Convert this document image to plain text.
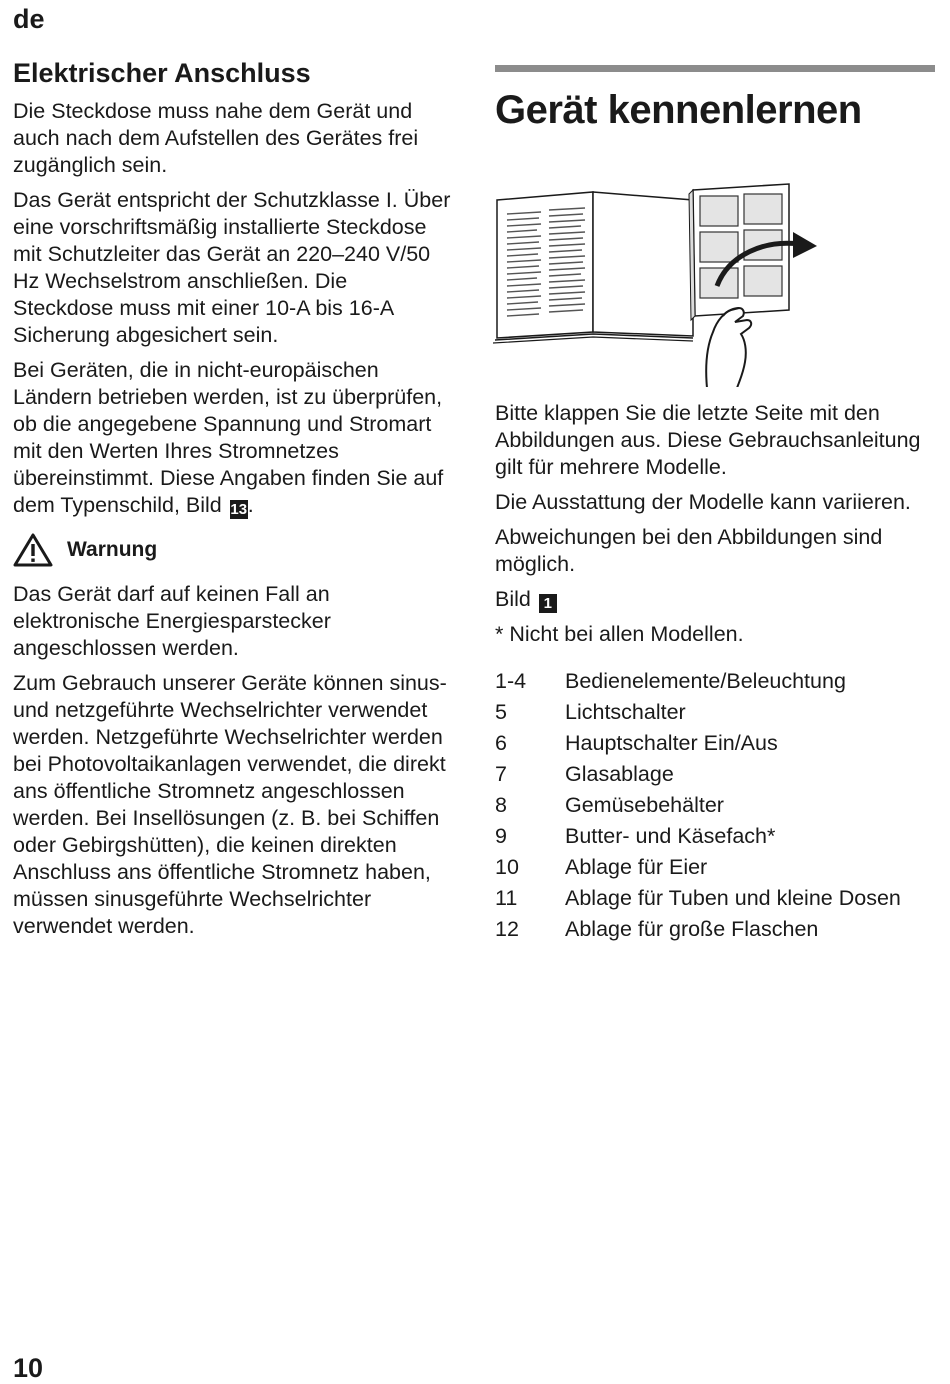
de
Elektrischer Anschluss

Die Steckdose muss nahe dem Gerät und auch nach dem Aufstellen des Gerätes frei zugänglich sein.

Das Gerät entspricht der Schutzklasse I. Über eine vorschriftsmäßig installierte Steckdose mit Schutzleiter das Gerät an 220–240 V/50 Hz Wechselstrom anschließen. Die Steckdose muss mit einer 10-A bis 16-A Sicherung abgesichert sein.

Bei Geräten, die in nicht-europäischen Ländern betrieben werden, ist zu überprüfen, ob die angegebene Spannung und Stromart mit den Werten Ihres Stromnetzes übereinstimmt. Diese Angaben finden Sie auf dem Typenschild, Bild 13.

Warnung

Das Gerät darf auf keinen Fall an elektronische Energiesparstecker angeschlossen werden.

Zum Gebrauch unserer Geräte können sinus- und netzgeführte Wechselrichter verwendet werden. Netzgeführte Wechselrichter werden bei Photovoltaikanlagen verwendet, die direkt ans öffentliche Stromnetz angeschlossen werden. Bei Insellösungen (z. B. bei Schiffen oder Gebirgshütten), die keinen direkten Anschluss ans öffentliche Stromnetz haben, müssen sinusgeführte Wechselrichter verwendet werden.

Gerät kennenlernen

Bitte klappen Sie die letzte Seite mit den Abbildungen aus. Diese Gebrauchsanleitung gilt für mehrere Modelle.

Die Ausstattung der Modelle kann variieren.

Abweichungen bei den Abbildungen sind möglich.

Bild 1

* Nicht bei allen Modellen.

1-4	Bedienelemente/Beleuchtung
5	Lichtschalter
6	Hauptschalter Ein/Aus
7	Glasablage
8	Gemüsebehälter
9	Butter- und Käsefach*
10	Ablage für Eier
11	Ablage für Tuben und kleine Dosen
12	Ablage für große Flaschen
10
